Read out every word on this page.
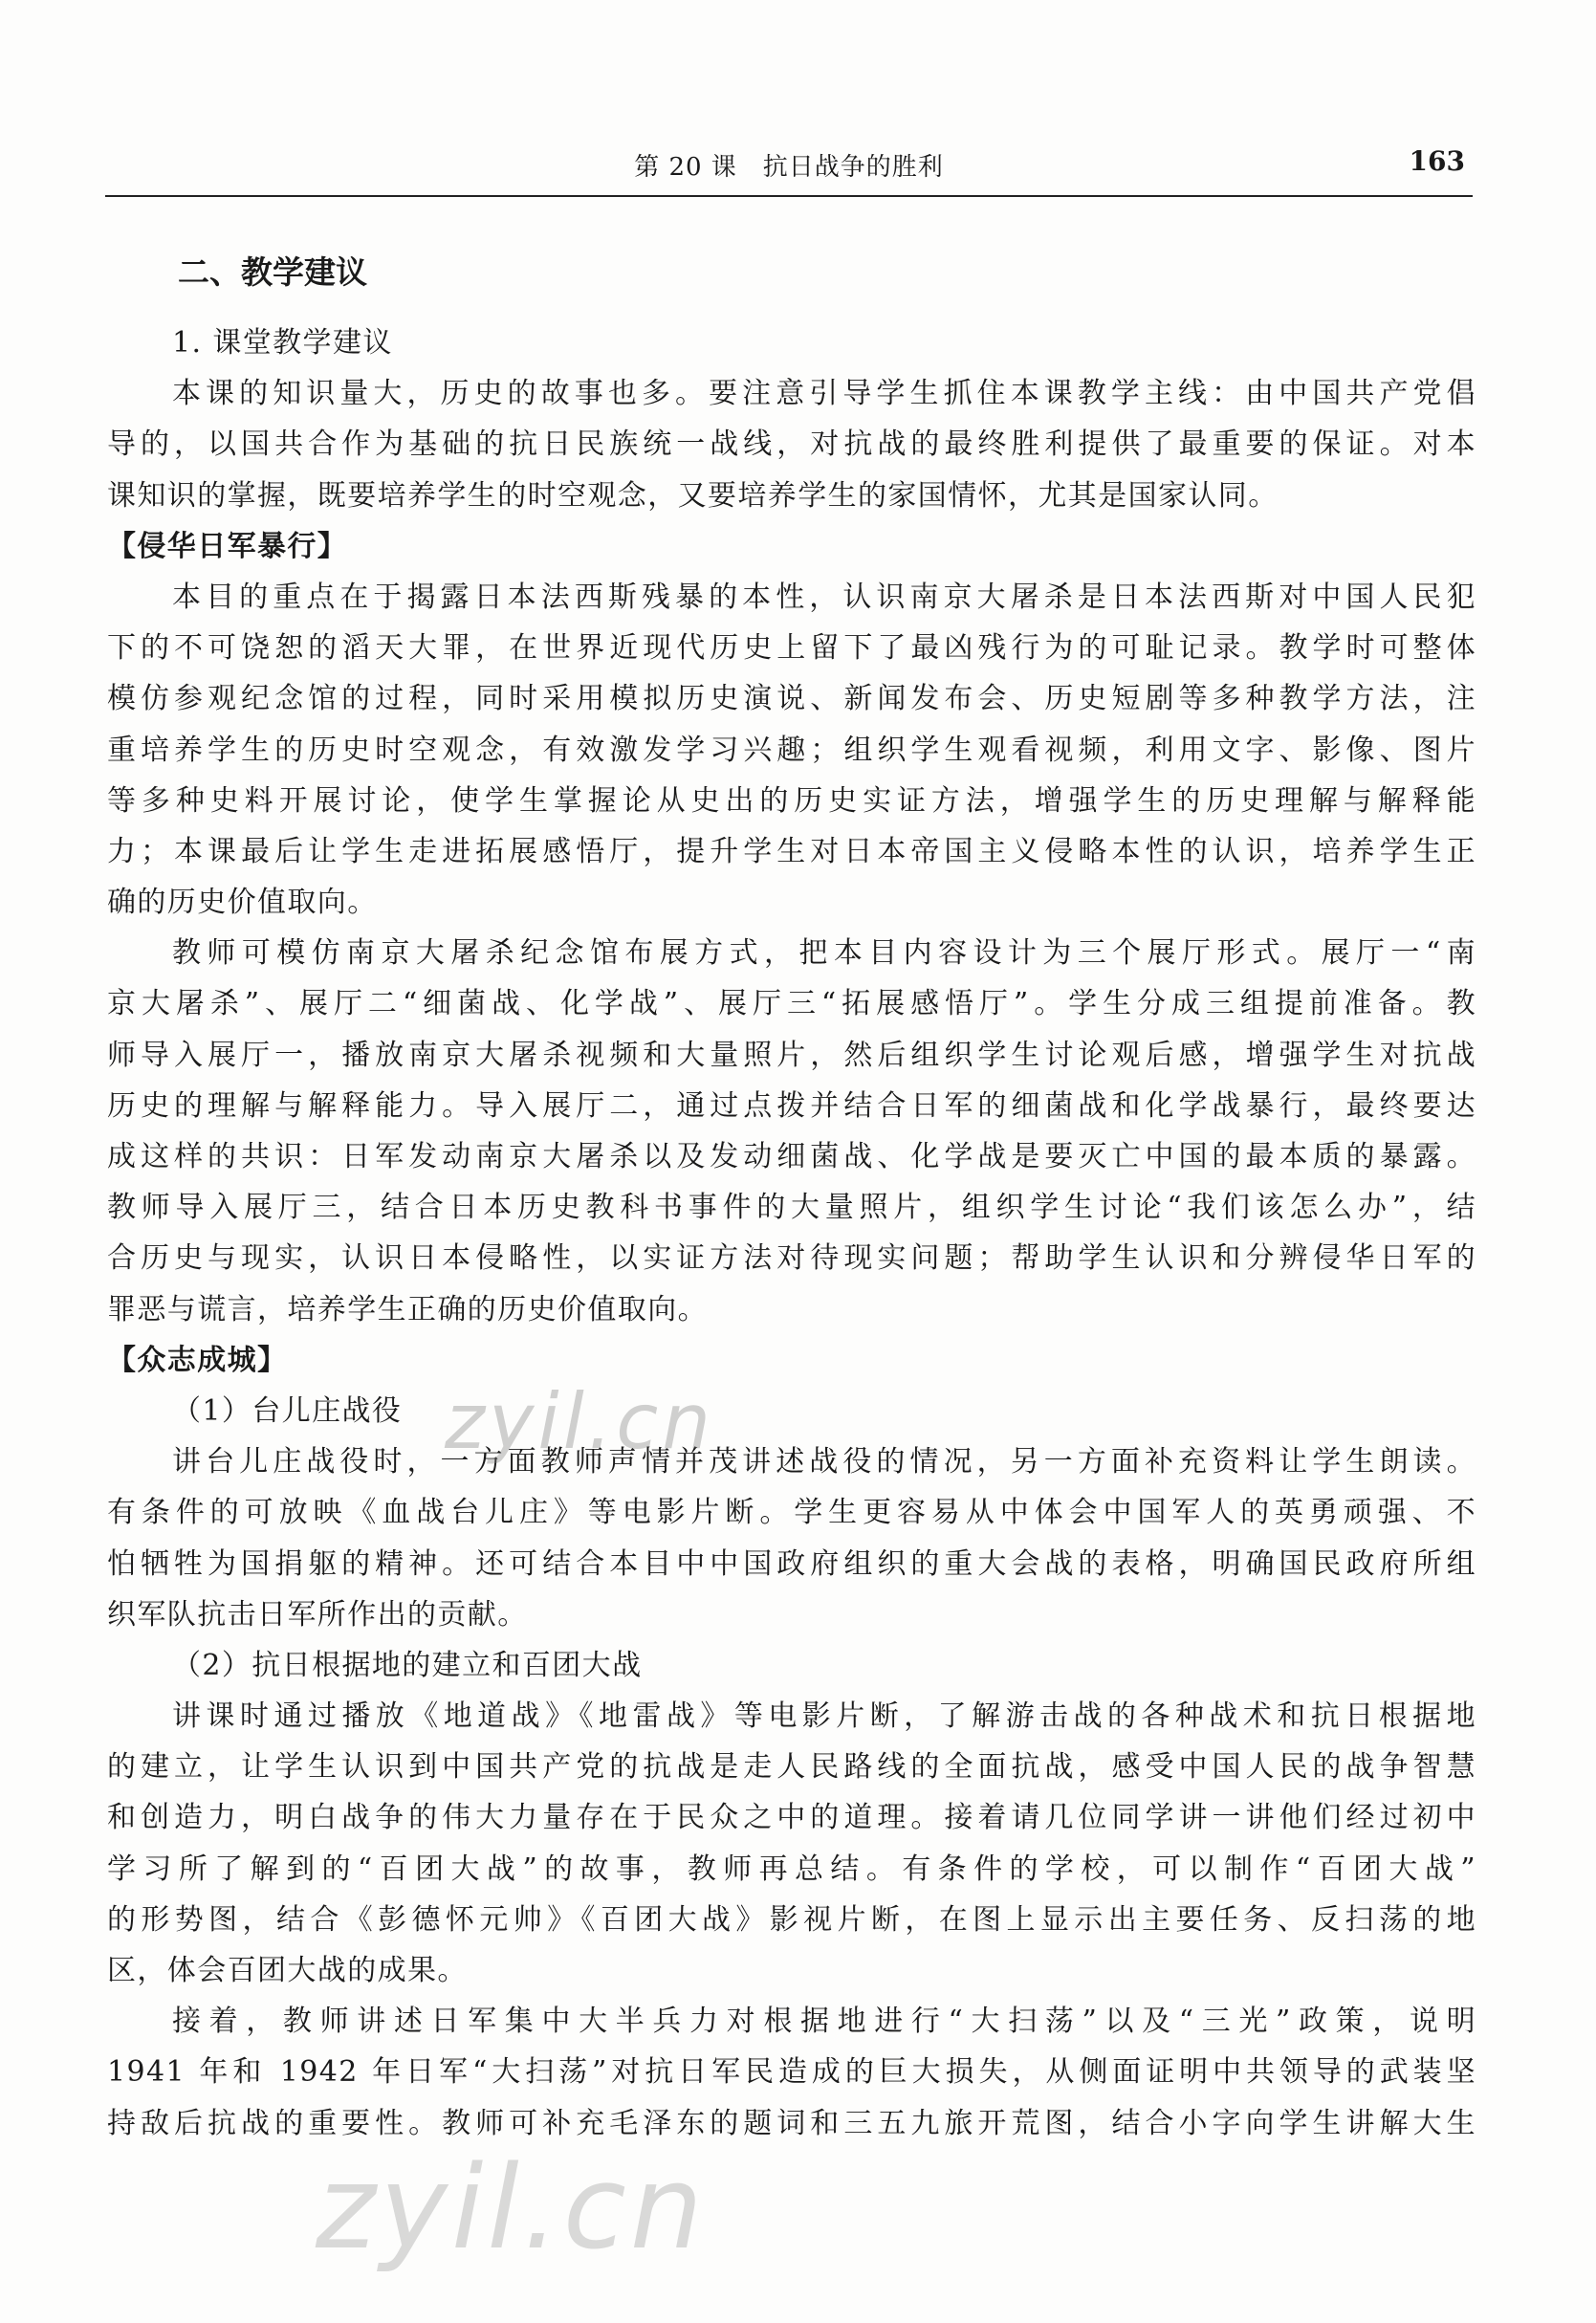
第 20 课　抗日战争的胜利	163
二、教学建议
1. 课堂教学建议
本课的知识量大，历史的故事也多。要注意引导学生抓住本课教学主线：由中国共产党倡
导的，以国共合作为基础的抗日民族统一战线，对抗战的最终胜利提供了最重要的保证。对本
课知识的掌握，既要培养学生的时空观念，又要培养学生的家国情怀，尤其是国家认同。
【侵华日军暴行】
本目的重点在于揭露日本法西斯残暴的本性，认识南京大屠杀是日本法西斯对中国人民犯
下的不可饶恕的滔天大罪，在世界近现代历史上留下了最凶残行为的可耻记录。教学时可整体
模仿参观纪念馆的过程，同时采用模拟历史演说、新闻发布会、历史短剧等多种教学方法，注
重培养学生的历史时空观念，有效激发学习兴趣；组织学生观看视频，利用文字、影像、图片
等多种史料开展讨论，使学生掌握论从史出的历史实证方法，增强学生的历史理解与解释能
力；本课最后让学生走进拓展感悟厅，提升学生对日本帝国主义侵略本性的认识，培养学生正
确的历史价值取向。
教师可模仿南京大屠杀纪念馆布展方式，把本目内容设计为三个展厅形式。展厅一“南
京大屠杀”、展厅二“细菌战、化学战”、展厅三“拓展感悟厅”。学生分成三组提前准备。教
师导入展厅一，播放南京大屠杀视频和大量照片，然后组织学生讨论观后感，增强学生对抗战
历史的理解与解释能力。导入展厅二，通过点拨并结合日军的细菌战和化学战暴行，最终要达
成这样的共识：日军发动南京大屠杀以及发动细菌战、化学战是要灭亡中国的最本质的暴露。
教师导入展厅三，结合日本历史教科书事件的大量照片，组织学生讨论“我们该怎么办”，结
合历史与现实，认识日本侵略性，以实证方法对待现实问题；帮助学生认识和分辨侵华日军的
罪恶与谎言，培养学生正确的历史价值取向。
【众志成城】
（1）台儿庄战役
讲台儿庄战役时，一方面教师声情并茂讲述战役的情况，另一方面补充资料让学生朗读。
有条件的可放映《血战台儿庄》等电影片断。学生更容易从中体会中国军人的英勇顽强、不
怕牺牲为国捐躯的精神。还可结合本目中中国政府组织的重大会战的表格，明确国民政府所组
织军队抗击日军所作出的贡献。
（2）抗日根据地的建立和百团大战
讲课时通过播放《地道战》《地雷战》等电影片断，了解游击战的各种战术和抗日根据地
的建立，让学生认识到中国共产党的抗战是走人民路线的全面抗战，感受中国人民的战争智慧
和创造力，明白战争的伟大力量存在于民众之中的道理。接着请几位同学讲一讲他们经过初中
学习所了解到的“百团大战”的故事，教师再总结。有条件的学校，可以制作“百团大战”
的形势图，结合《彭德怀元帅》《百团大战》影视片断，在图上显示出主要任务、反扫荡的地
区，体会百团大战的成果。
接着，教师讲述日军集中大半兵力对根据地进行“大扫荡”以及“三光”政策，说明
1941 年和 1942 年日军“大扫荡”对抗日军民造成的巨大损失，从侧面证明中共领导的武装坚
持敌后抗战的重要性。教师可补充毛泽东的题词和三五九旅开荒图，结合小字向学生讲解大生
zyil.cn
zyil.cn
